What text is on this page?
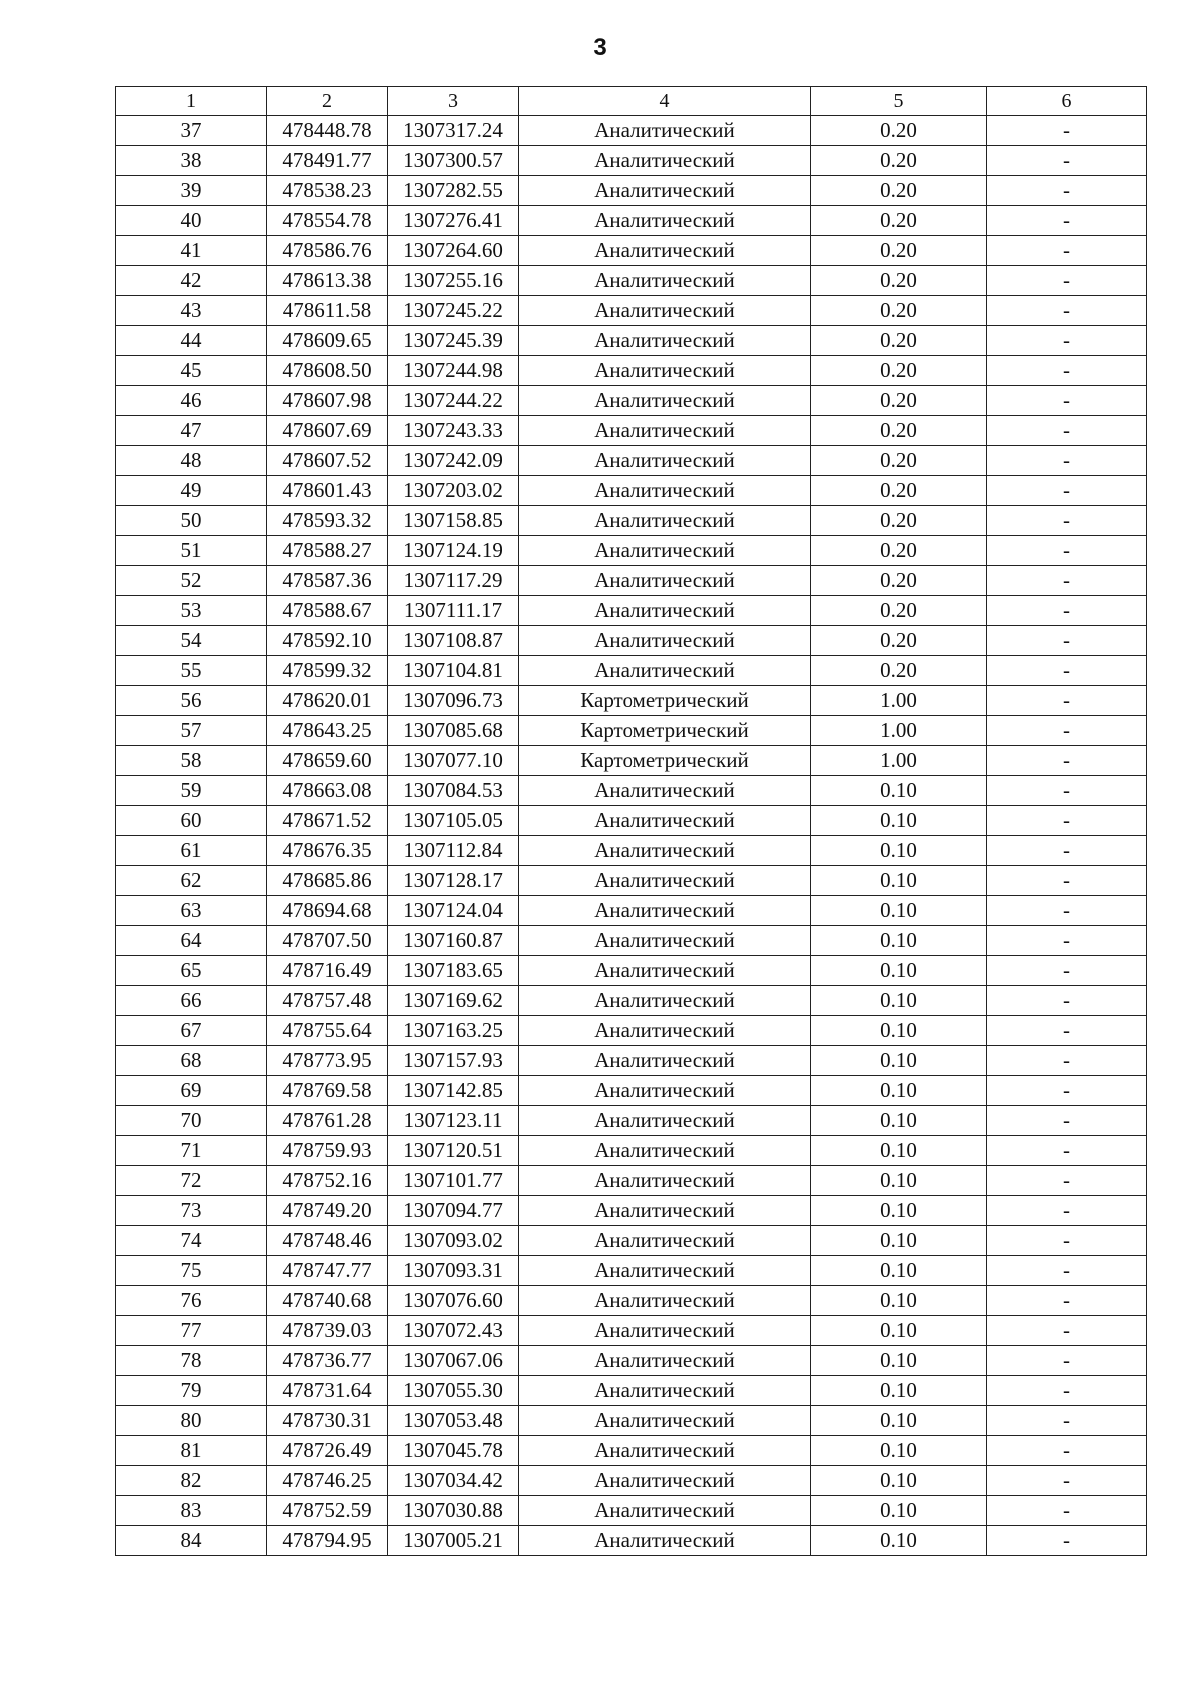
3
1	2	3	4	5	6
37	478448.78	1307317.24	Аналитический	0.20	-
38	478491.77	1307300.57	Аналитический	0.20	-
39	478538.23	1307282.55	Аналитический	0.20	-
40	478554.78	1307276.41	Аналитический	0.20	-
41	478586.76	1307264.60	Аналитический	0.20	-
42	478613.38	1307255.16	Аналитический	0.20	-
43	478611.58	1307245.22	Аналитический	0.20	-
44	478609.65	1307245.39	Аналитический	0.20	-
45	478608.50	1307244.98	Аналитический	0.20	-
46	478607.98	1307244.22	Аналитический	0.20	-
47	478607.69	1307243.33	Аналитический	0.20	-
48	478607.52	1307242.09	Аналитический	0.20	-
49	478601.43	1307203.02	Аналитический	0.20	-
50	478593.32	1307158.85	Аналитический	0.20	-
51	478588.27	1307124.19	Аналитический	0.20	-
52	478587.36	1307117.29	Аналитический	0.20	-
53	478588.67	1307111.17	Аналитический	0.20	-
54	478592.10	1307108.87	Аналитический	0.20	-
55	478599.32	1307104.81	Аналитический	0.20	-
56	478620.01	1307096.73	Картометрический	1.00	-
57	478643.25	1307085.68	Картометрический	1.00	-
58	478659.60	1307077.10	Картометрический	1.00	-
59	478663.08	1307084.53	Аналитический	0.10	-
60	478671.52	1307105.05	Аналитический	0.10	-
61	478676.35	1307112.84	Аналитический	0.10	-
62	478685.86	1307128.17	Аналитический	0.10	-
63	478694.68	1307124.04	Аналитический	0.10	-
64	478707.50	1307160.87	Аналитический	0.10	-
65	478716.49	1307183.65	Аналитический	0.10	-
66	478757.48	1307169.62	Аналитический	0.10	-
67	478755.64	1307163.25	Аналитический	0.10	-
68	478773.95	1307157.93	Аналитический	0.10	-
69	478769.58	1307142.85	Аналитический	0.10	-
70	478761.28	1307123.11	Аналитический	0.10	-
71	478759.93	1307120.51	Аналитический	0.10	-
72	478752.16	1307101.77	Аналитический	0.10	-
73	478749.20	1307094.77	Аналитический	0.10	-
74	478748.46	1307093.02	Аналитический	0.10	-
75	478747.77	1307093.31	Аналитический	0.10	-
76	478740.68	1307076.60	Аналитический	0.10	-
77	478739.03	1307072.43	Аналитический	0.10	-
78	478736.77	1307067.06	Аналитический	0.10	-
79	478731.64	1307055.30	Аналитический	0.10	-
80	478730.31	1307053.48	Аналитический	0.10	-
81	478726.49	1307045.78	Аналитический	0.10	-
82	478746.25	1307034.42	Аналитический	0.10	-
83	478752.59	1307030.88	Аналитический	0.10	-
84	478794.95	1307005.21	Аналитический	0.10	-
